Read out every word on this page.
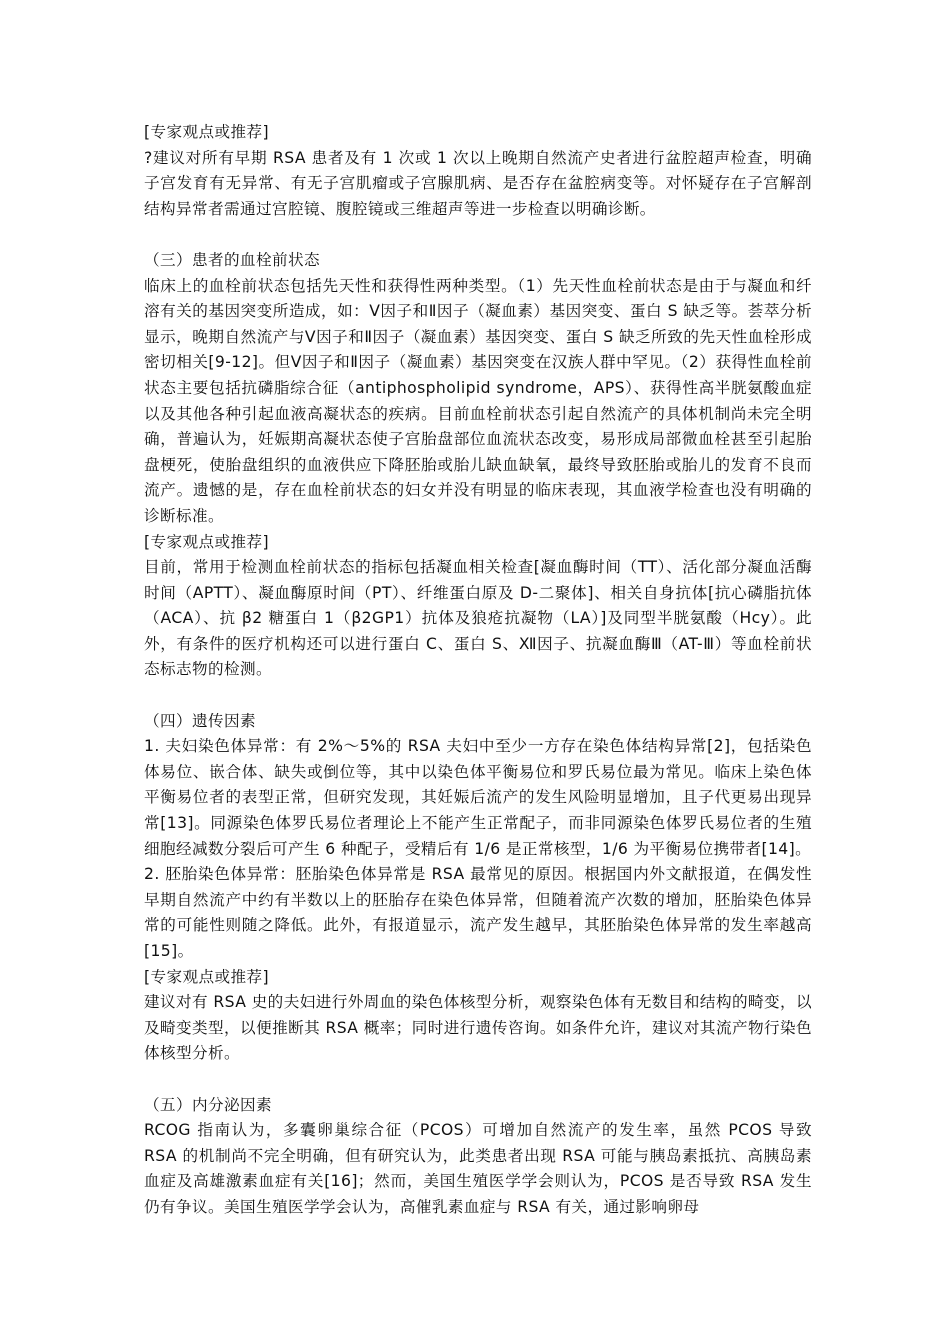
[专家观点或推荐]
?建议对所有早期 RSA 患者及有 1 次或 1 次以上晚期自然流产史者进行盆腔超声检查，明确子宫发育有无异常、有无子宫肌瘤或子宫腺肌病、是否存在盆腔病变等。对怀疑存在子宫解剖结构异常者需通过宫腔镜、腹腔镜或三维超声等进一步检查以明确诊断。
（三）患者的血栓前状态
临床上的血栓前状态包括先天性和获得性两种类型。（1）先天性血栓前状态是由于与凝血和纤溶有关的基因突变所造成，如：Ⅴ因子和Ⅱ因子（凝血素）基因突变、蛋白 S 缺乏等。荟萃分析显示，晚期自然流产与Ⅴ因子和Ⅱ因子（凝血素）基因突变、蛋白 S 缺乏所致的先天性血栓形成密切相关[9-12]。但Ⅴ因子和Ⅱ因子（凝血素）基因突变在汉族人群中罕见。（2）获得性血栓前状态主要包括抗磷脂综合征（antiphospholipid syndrome，APS）、获得性高半胱氨酸血症以及其他各种引起血液高凝状态的疾病。目前血栓前状态引起自然流产的具体机制尚未完全明确，普遍认为，妊娠期高凝状态使子宫胎盘部位血流状态改变，易形成局部微血栓甚至引起胎盘梗死，使胎盘组织的血液供应下降胚胎或胎儿缺血缺氧，最终导致胚胎或胎儿的发育不良而流产。遗憾的是，存在血栓前状态的妇女并没有明显的临床表现，其血液学检查也没有明确的诊断标准。
[专家观点或推荐]
目前，常用于检测血栓前状态的指标包括凝血相关检查[凝血酶时间（TT）、活化部分凝血活酶时间（APTT）、凝血酶原时间（PT）、纤维蛋白原及 D-二聚体]、相关自身抗体[抗心磷脂抗体（ACA）、抗 β2 糖蛋白 1（β2GP1）抗体及狼疮抗凝物（LA）]及同型半胱氨酸（Hcy）。此外，有条件的医疗机构还可以进行蛋白 C、蛋白 S、Ⅻ因子、抗凝血酶Ⅲ（AT-Ⅲ）等血栓前状态标志物的检测。
（四）遗传因素
1. 夫妇染色体异常：有 2%～5%的 RSA 夫妇中至少一方存在染色体结构异常[2]，包括染色体易位、嵌合体、缺失或倒位等，其中以染色体平衡易位和罗氏易位最为常见。临床上染色体平衡易位者的表型正常，但研究发现，其妊娠后流产的发生风险明显增加，且子代更易出现异常[13]。同源染色体罗氏易位者理论上不能产生正常配子，而非同源染色体罗氏易位者的生殖细胞经减数分裂后可产生 6 种配子，受精后有 1/6 是正常核型，1/6 为平衡易位携带者[14]。
2. 胚胎染色体异常：胚胎染色体异常是 RSA 最常见的原因。根据国内外文献报道，在偶发性早期自然流产中约有半数以上的胚胎存在染色体异常，但随着流产次数的增加，胚胎染色体异常的可能性则随之降低。此外，有报道显示，流产发生越早，其胚胎染色体异常的发生率越高[15]。
[专家观点或推荐]
建议对有 RSA 史的夫妇进行外周血的染色体核型分析，观察染色体有无数目和结构的畸变，以及畸变类型，以便推断其 RSA 概率；同时进行遗传咨询。如条件允许，建议对其流产物行染色体核型分析。
（五）内分泌因素
RCOG 指南认为，多囊卵巢综合征（PCOS）可增加自然流产的发生率，虽然 PCOS 导致 RSA 的机制尚不完全明确，但有研究认为，此类患者出现 RSA 可能与胰岛素抵抗、高胰岛素血症及高雄激素血症有关[16]；然而，美国生殖医学学会则认为，PCOS 是否导致 RSA 发生仍有争议。美国生殖医学学会认为，高催乳素血症与 RSA 有关，通过影响卵母
